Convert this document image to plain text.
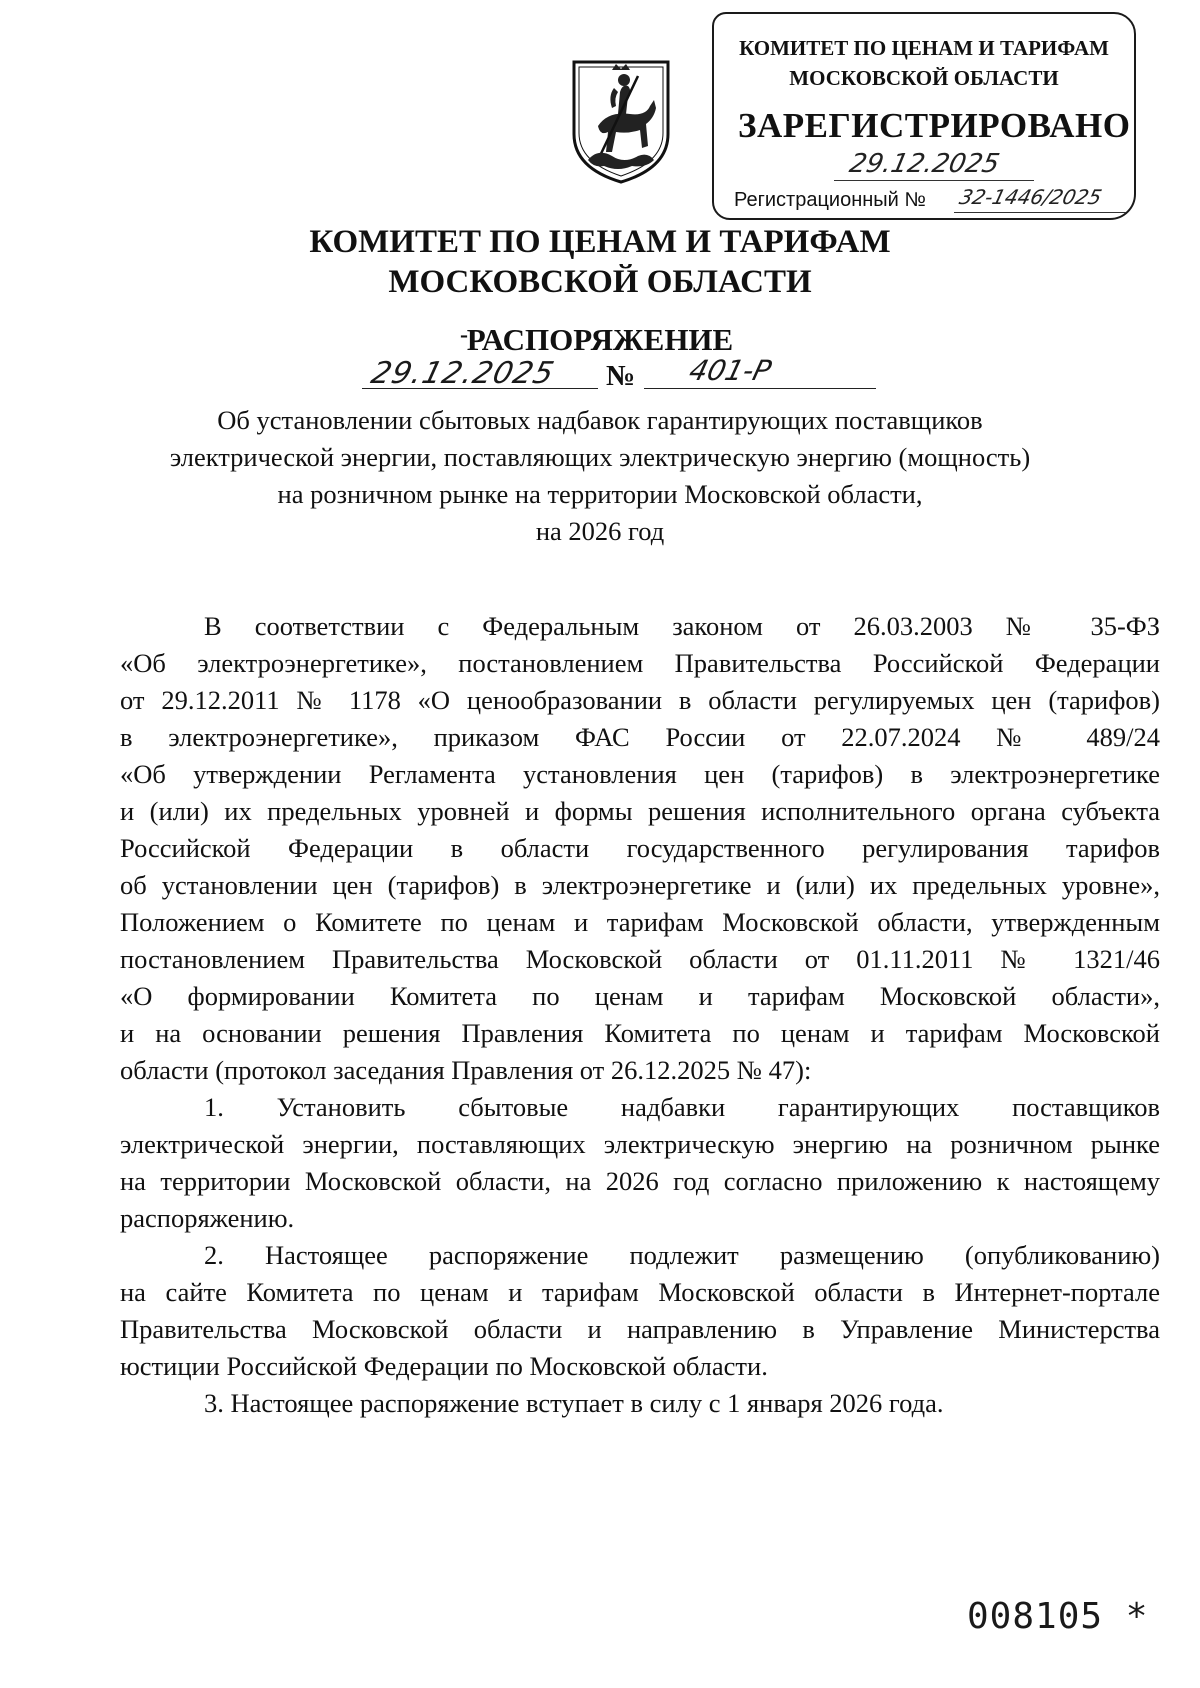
КОМИТЕТ ПО ЦЕНАМ И ТАРИФАМ
МОСКОВСКОЙ ОБЛАСТИ
ЗАРЕГИСТРИРОВАНО
29.12.2025
Регистрационный № 32-1446/2025
КОМИТЕТ ПО ЦЕНАМ И ТАРИФАМ
МОСКОВСКОЙ ОБЛАСТИ
-
РАСПОРЯЖЕНИЕ
29.12.2025 № 401-Р
Об установлении сбытовых надбавок гарантирующих поставщиков
электрической энергии, поставляющих электрическую энергию (мощность)
на розничном рынке на территории Московской области,
на 2026 год
В соответствии с Федеральным законом от 26.03.2003 № 35-ФЗ
«Об электроэнергетике», постановлением Правительства Российской Федерации
от 29.12.2011 № 1178 «О ценообразовании в области регулируемых цен (тарифов)
в электроэнергетике», приказом ФАС России от 22.07.2024 № 489/24
«Об утверждении Регламента установления цен (тарифов) в электроэнергетике
и (или) их предельных уровней и формы решения исполнительного органа субъекта
Российской Федерации в области государственного регулирования тарифов
об установлении цен (тарифов) в электроэнергетике и (или) их предельных уровне»,
Положением о Комитете по ценам и тарифам Московской области, утвержденным
постановлением Правительства Московской области от 01.11.2011 № 1321/46
«О формировании Комитета по ценам и тарифам Московской области»,
и на основании решения Правления Комитета по ценам и тарифам Московской
области (протокол заседания Правления от 26.12.2025 № 47):
1. Установить сбытовые надбавки гарантирующих поставщиков
электрической энергии, поставляющих электрическую энергию на розничном рынке
на территории Московской области, на 2026 год согласно приложению к настоящему
распоряжению.
2. Настоящее распоряжение подлежит размещению (опубликованию)
на сайте Комитета по ценам и тарифам Московской области в Интернет-портале
Правительства Московской области и направлению в Управление Министерства
юстиции Российской Федерации по Московской области.
3. Настоящее распоряжение вступает в силу с 1 января 2026 года.
008105 *
